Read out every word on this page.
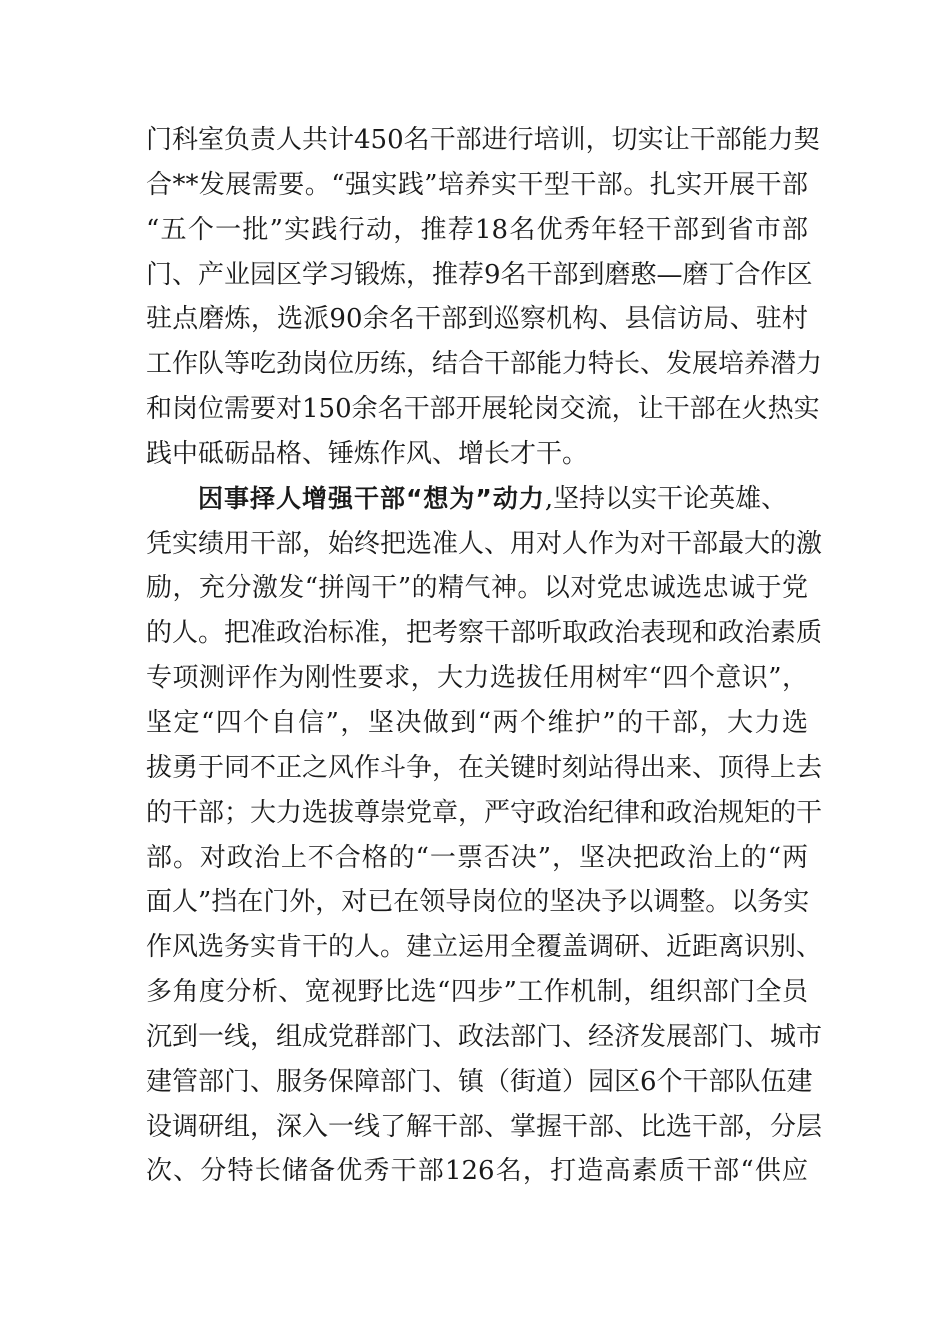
门科室负责人共计450名干部进行培训，切实让干部能力契
合**发展需要。“强实践”培养实干型干部。扎实开展干部
“五个一批”实践行动，推荐18名优秀年轻干部到省市部
门、产业园区学习锻炼，推荐9名干部到磨憨—磨丁合作区
驻点磨炼，选派90余名干部到巡察机构、县信访局、驻村
工作队等吃劲岗位历练，结合干部能力特长、发展培养潜力
和岗位需要对150余名干部开展轮岗交流，让干部在火热实
践中砥砺品格、锤炼作风、增长才干。
因事择人增强干部“想为”动力,坚持以实干论英雄、
凭实绩用干部，始终把选准人、用对人作为对干部最大的激
励，充分激发“拼闯干”的精气神。以对党忠诚选忠诚于党
的人。把准政治标准，把考察干部听取政治表现和政治素质
专项测评作为刚性要求，大力选拔任用树牢“四个意识”，
坚定“四个自信”，坚决做到“两个维护”的干部，大力选
拔勇于同不正之风作斗争，在关键时刻站得出来、顶得上去
的干部；大力选拔尊崇党章，严守政治纪律和政治规矩的干
部。对政治上不合格的“一票否决”，坚决把政治上的“两
面人”挡在门外，对已在领导岗位的坚决予以调整。以务实
作风选务实肯干的人。建立运用全覆盖调研、近距离识别、
多角度分析、宽视野比选“四步”工作机制，组织部门全员
沉到一线，组成党群部门、政法部门、经济发展部门、城市
建管部门、服务保障部门、镇（街道）园区6个干部队伍建
设调研组，深入一线了解干部、掌握干部、比选干部，分层
次、分特长储备优秀干部126名，打造高素质干部“供应
